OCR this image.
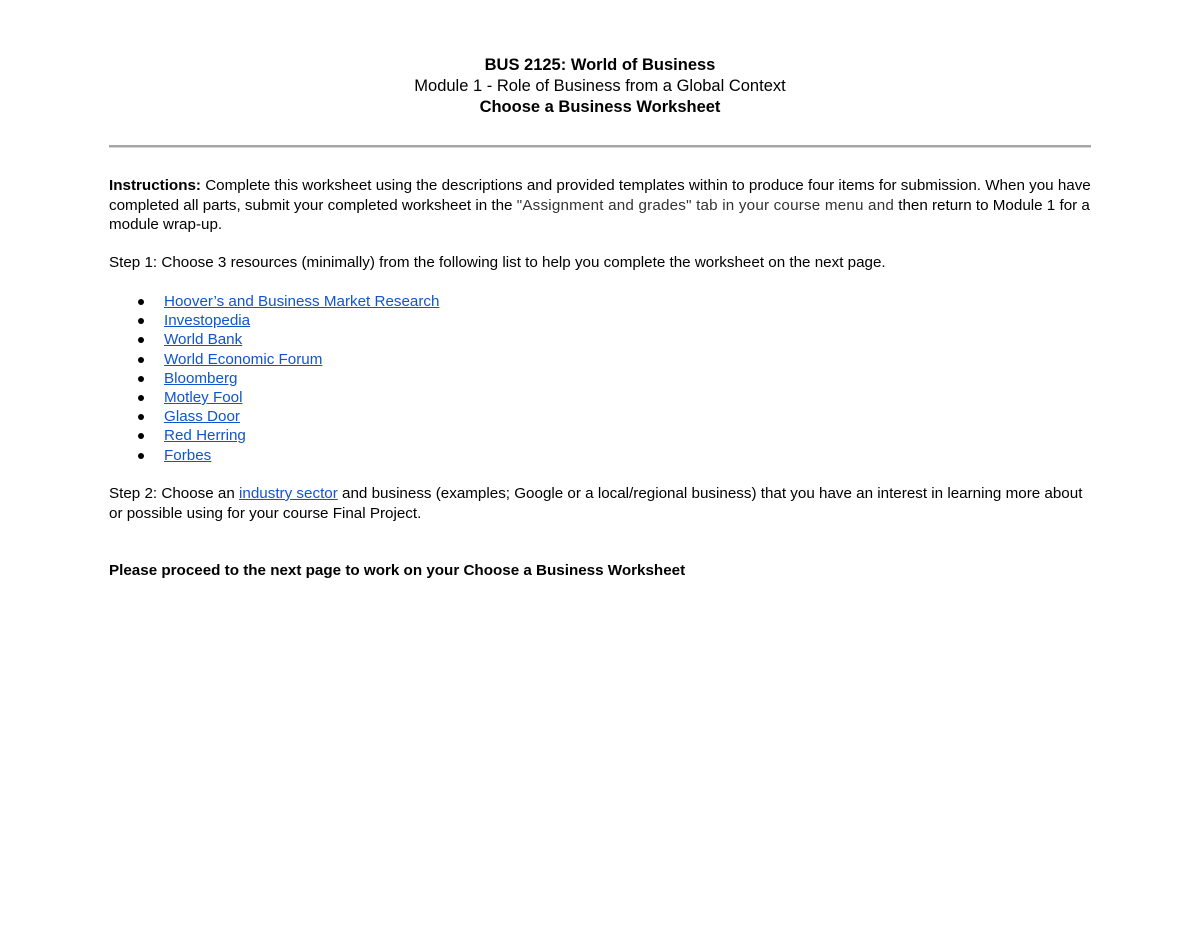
BUS 2125: World of Business
Module 1 - Role of Business from a Global Context
Choose a Business Worksheet
Instructions: Complete this worksheet using the descriptions and provided templates within to produce four items for submission. When you have completed all parts, submit your completed worksheet in the "Assignment and grades" tab in your course menu and then return to Module 1 for a module wrap-up.
Step 1: Choose 3 resources (minimally) from the following list to help you complete the worksheet on the next page.
Hoover’s and Business Market Research
Investopedia
World Bank
World Economic Forum
Bloomberg
Motley Fool
Glass Door
Red Herring
Forbes
Step 2: Choose an industry sector and business (examples; Google or a local/regional business) that you have an interest in learning more about or possible using for your course Final Project.
Please proceed to the next page to work on your Choose a Business Worksheet
